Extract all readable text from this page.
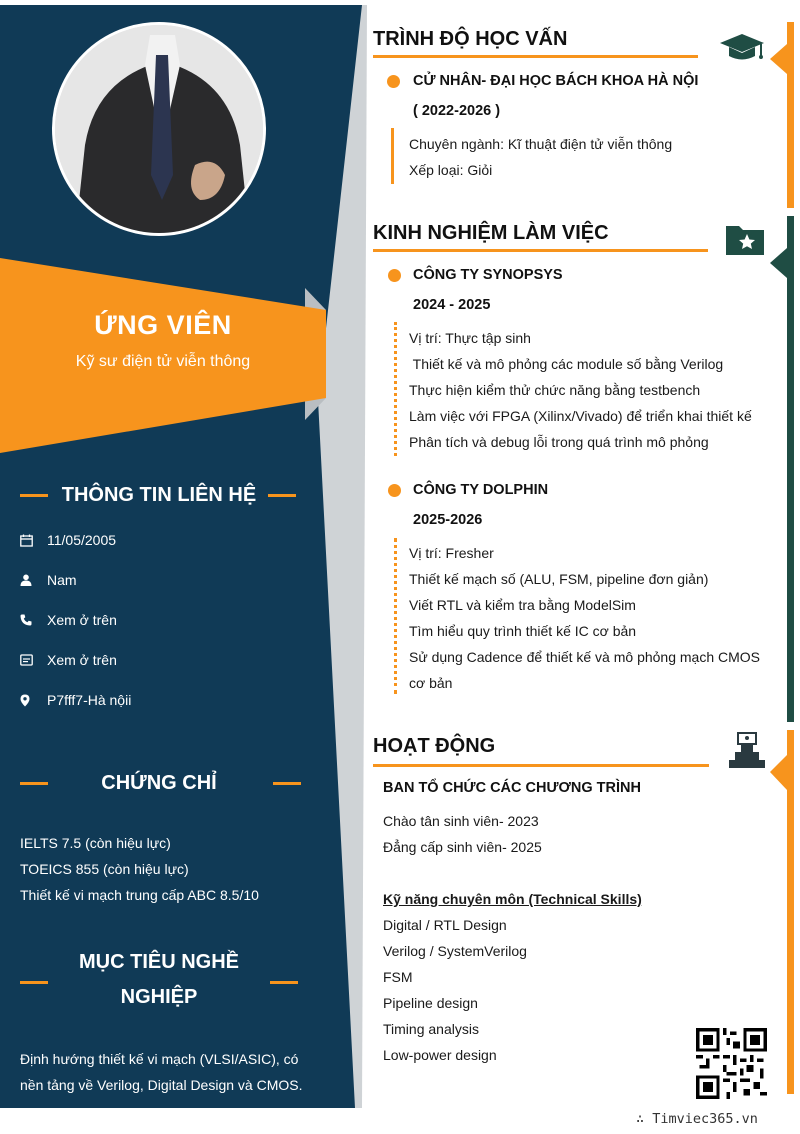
ỨNG VIÊN
Kỹ sư điện tử viễn thông
THÔNG TIN LIÊN HỆ
11/05/2005
Nam
Xem ở trên
Xem ở trên
P7fff7-Hà nộii
CHỨNG CHỈ
IELTS 7.5 (còn hiệu lực)
TOEICS 855 (còn hiệu lực)
Thiết kế vi mạch trung cấp ABC 8.5/10
MỤC TIÊU NGHỀ
NGHIỆP
Định hướng thiết kế vi mạch (VLSI/ASIC), có
nền tảng về Verilog, Digital Design và CMOS.
TRÌNH ĐỘ HỌC VẤN
CỬ NHÂN- ĐẠI HỌC BÁCH KHOA HÀ NỘI
( 2022-2026 )
Chuyên ngành: Kĩ thuật điện tử viễn thông
Xếp loại: Giỏi
KINH NGHIỆM LÀM VIỆC
CÔNG TY SYNOPSYS
2024 - 2025
Vị trí: Thực tập sinh
Thiết kế và mô phỏng các module số bằng Verilog
Thực hiện kiểm thử chức năng bằng testbench
Làm việc với FPGA (Xilinx/Vivado) để triển khai thiết kế
Phân tích và debug lỗi trong quá trình mô phỏng
CÔNG TY DOLPHIN
2025-2026
Vị trí: Fresher
Thiết kế mạch số (ALU, FSM, pipeline đơn giản)
Viết RTL và kiểm tra bằng ModelSim
Tìm hiểu quy trình thiết kế IC cơ bản
Sử dụng Cadence để thiết kế và mô phỏng mạch CMOS
cơ bản
HOẠT ĐỘNG
BAN TỔ CHỨC CÁC CHƯƠNG TRÌNH
Chào tân sinh viên- 2023
Đẳng cấp sinh viên- 2025
Kỹ năng chuyên môn (Technical Skills)
Digital / RTL Design
Verilog / SystemVerilog
FSM
Pipeline design
Timing analysis
Low-power design
∴ Timviec365.vn
